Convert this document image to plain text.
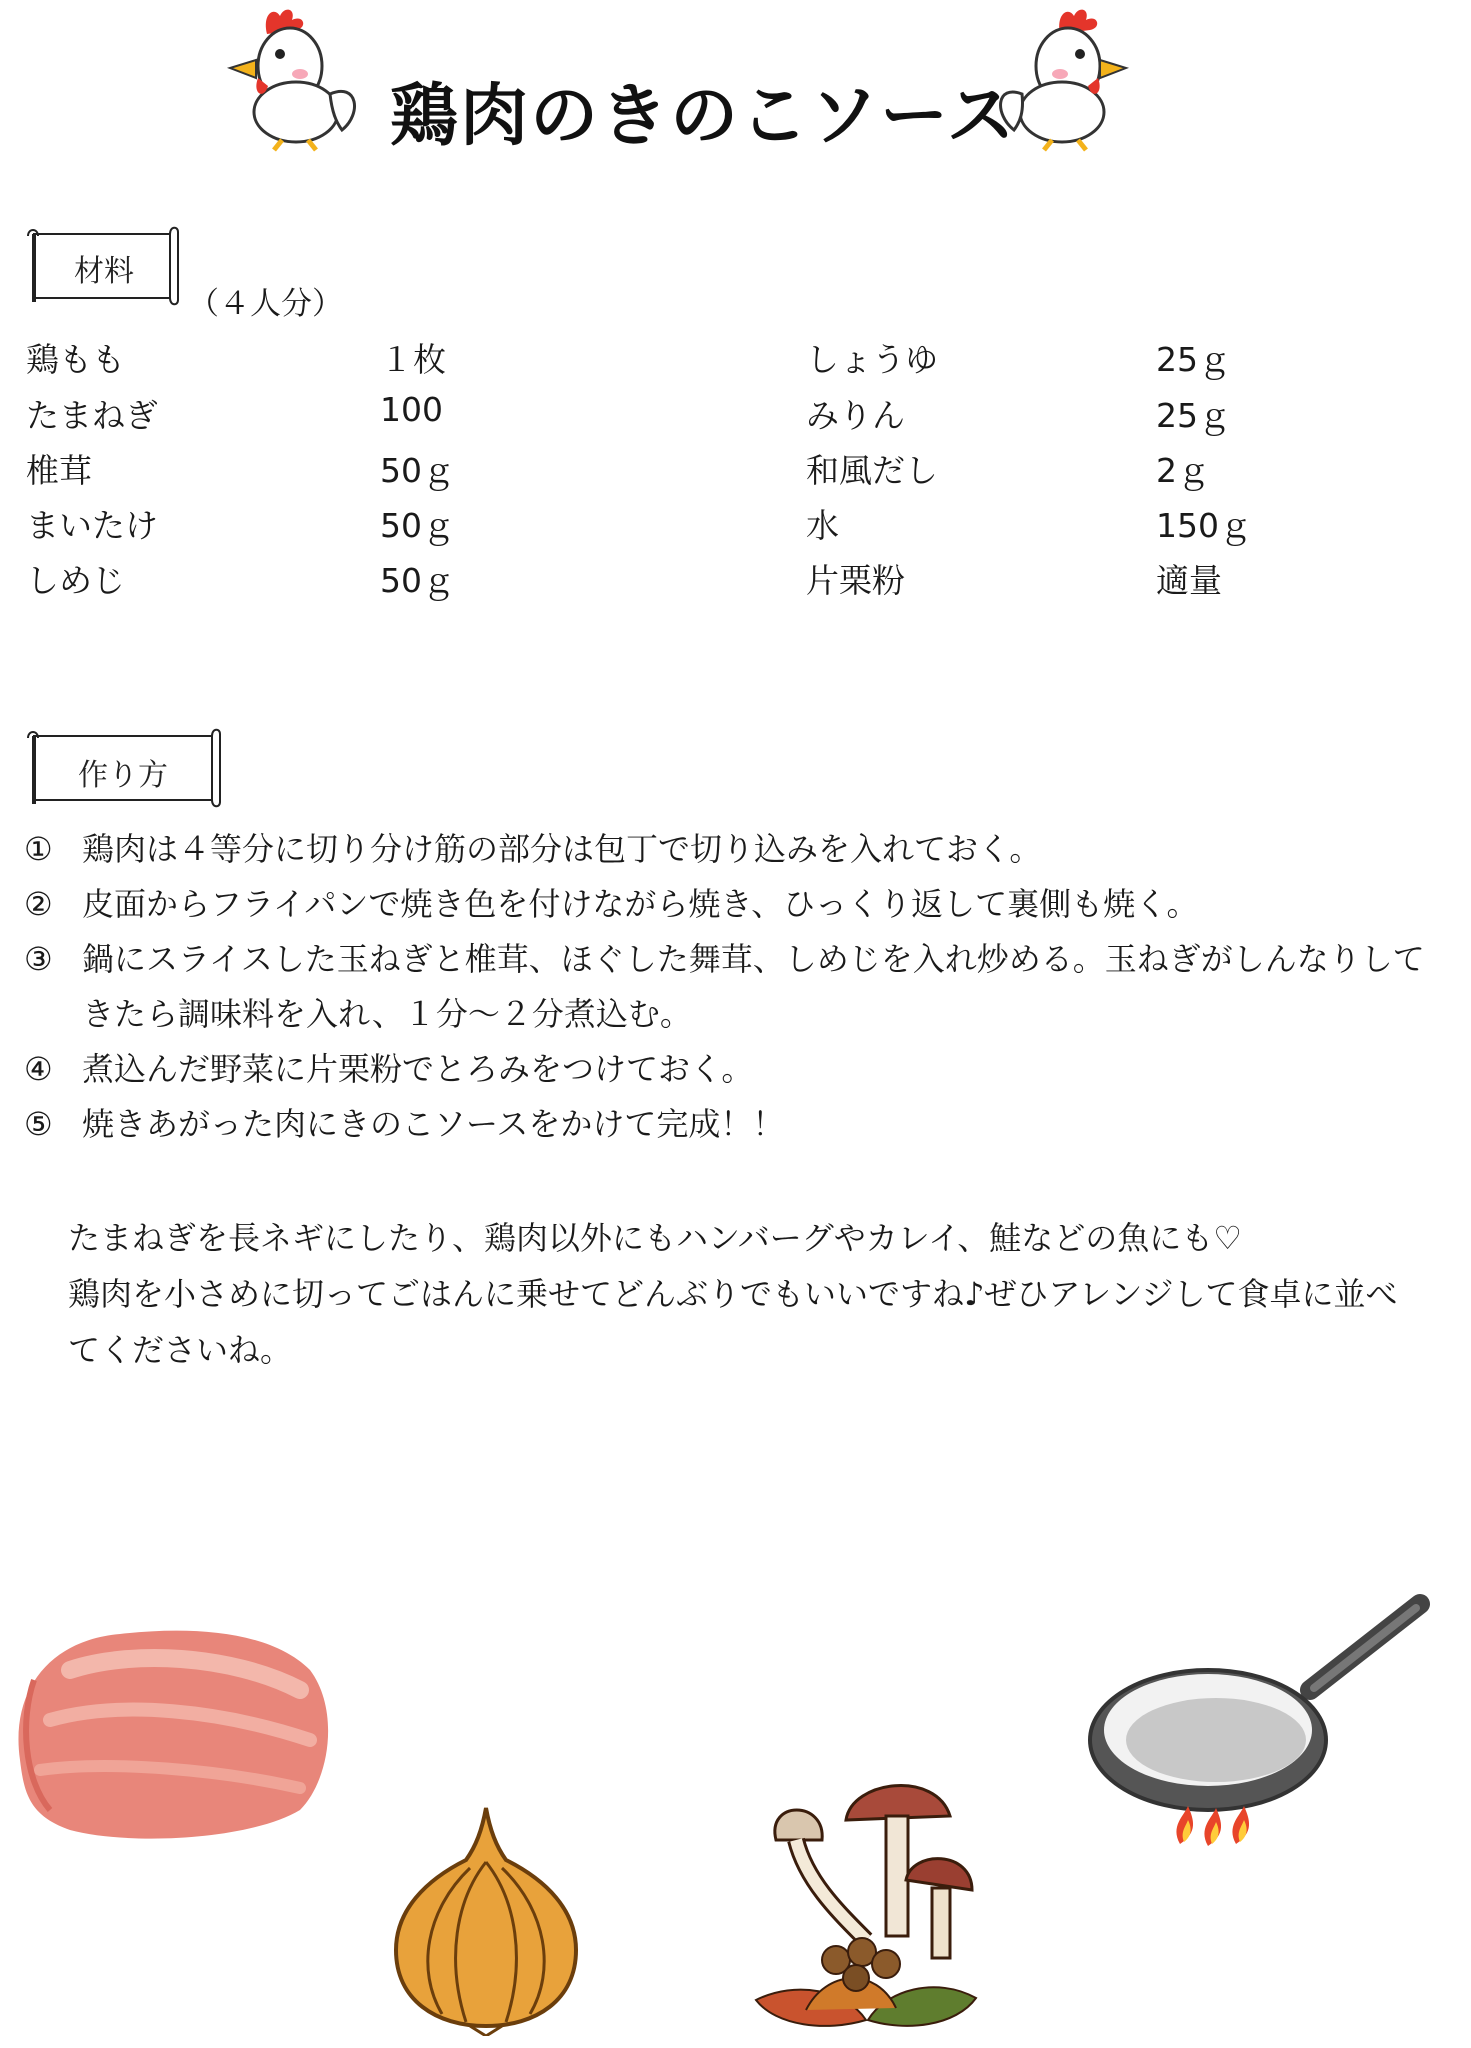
鶏肉のきのこソース
材料
（４人分）
鶏もも	１枚	しょうゆ	25ｇ
たまねぎ	100	みりん	25ｇ
椎茸	50ｇ	和風だし	2ｇ
まいたけ	50ｇ	水	150ｇ
しめじ	50ｇ	片栗粉	適量
作り方
① 鶏肉は４等分に切り分け筋の部分は包丁で切り込みを入れておく。
② 皮面からフライパンで焼き色を付けながら焼き、ひっくり返して裏側も焼く。
③ 鍋にスライスした玉ねぎと椎茸、ほぐした舞茸、しめじを入れ炒める。玉ねぎがしんなりしてきたら調味料を入れ、１分～２分煮込む。
④ 煮込んだ野菜に片栗粉でとろみをつけておく。
⑤ 焼きあがった肉にきのこソースをかけて完成！！
たまねぎを長ネギにしたり、鶏肉以外にもハンバーグやカレイ、鮭などの魚にも♡
鶏肉を小さめに切ってごはんに乗せてどんぶりでもいいですね♪ぜひアレンジして食卓に並べ
てくださいね。
